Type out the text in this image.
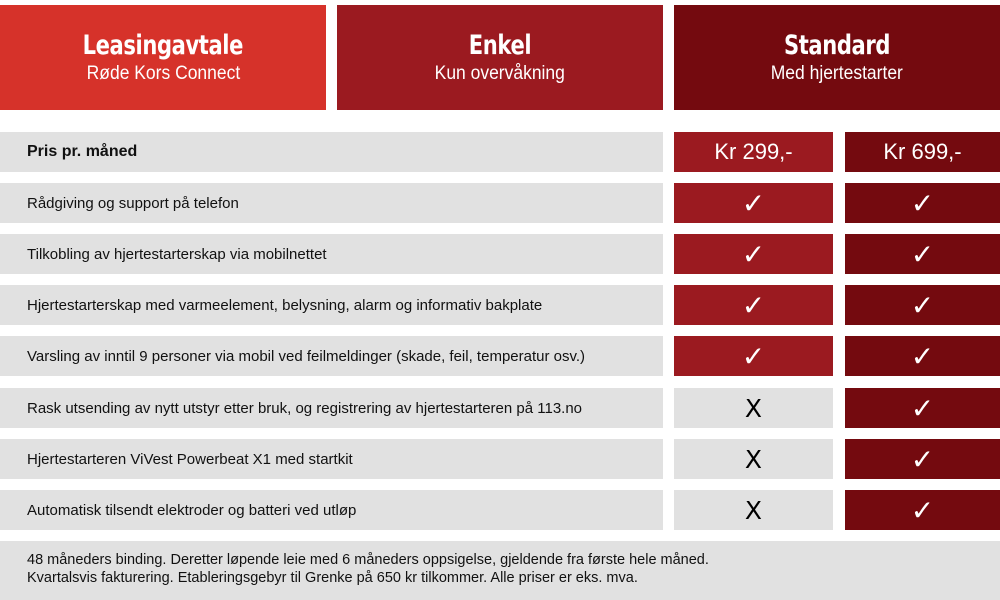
Leasingavtale
Røde Kors Connect
Enkel
Kun overvåkning
Standard
Med hjertestarter
Pris pr. måned	Kr 299,-	Kr 699,-
Rådgiving og support på telefon	✓	✓
Tilkobling av hjertestarterskap via mobilnettet	✓	✓
Hjertestarterskap med varmeelement, belysning, alarm og informativ bakplate	✓	✓
Varsling av inntil 9 personer via mobil ved feilmeldinger (skade, feil, temperatur osv.)	✓	✓
Rask utsending av nytt utstyr etter bruk, og registrering av hjertestarteren på 113.no	X	✓
Hjertestarteren ViVest Powerbeat X1 med startkit	X	✓
Automatisk tilsendt elektroder og batteri ved utløp	X	✓
48 måneders binding. Deretter løpende leie med 6 måneders oppsigelse, gjeldende fra første hele måned.
Kvartalsvis fakturering. Etableringsgebyr til Grenke på 650 kr tilkommer. Alle priser er eks. mva.
